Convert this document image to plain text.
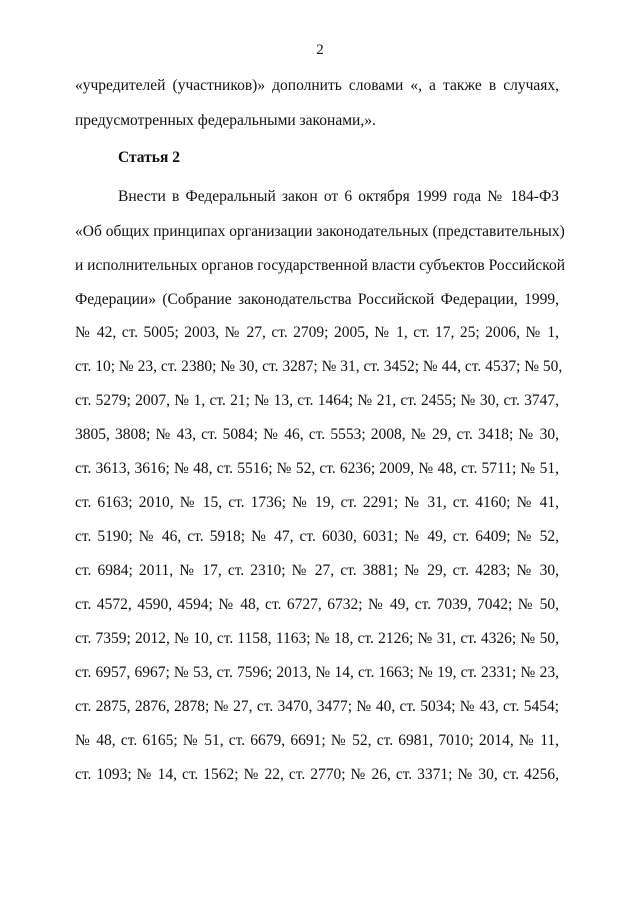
2
«учредителей (участников)» дополнить словами «, а также в случаях,
предусмотренных федеральными законами,».
Статья 2
Внести в Федеральный закон от 6 октября 1999 года № 184-ФЗ
«Об общих принципах организации законодательных (представительных)
и исполнительных органов государственной власти субъектов Российской
Федерации» (Собрание законодательства Российской Федерации, 1999,
№ 42, ст. 5005; 2003, № 27, ст. 2709; 2005, № 1, ст. 17, 25; 2006, № 1,
ст. 10; № 23, ст. 2380; № 30, ст. 3287; № 31, ст. 3452; № 44, ст. 4537; № 50,
ст. 5279; 2007, № 1, ст. 21; № 13, ст. 1464; № 21, ст. 2455; № 30, ст. 3747,
3805, 3808; № 43, ст. 5084; № 46, ст. 5553; 2008, № 29, ст. 3418; № 30,
ст. 3613, 3616; № 48, ст. 5516; № 52, ст. 6236; 2009, № 48, ст. 5711; № 51,
ст. 6163; 2010, № 15, ст. 1736; № 19, ст. 2291; № 31, ст. 4160; № 41,
ст. 5190; № 46, ст. 5918; № 47, ст. 6030, 6031; № 49, ст. 6409; № 52,
ст. 6984; 2011, № 17, ст. 2310; № 27, ст. 3881; № 29, ст. 4283; № 30,
ст. 4572, 4590, 4594; № 48, ст. 6727, 6732; № 49, ст. 7039, 7042; № 50,
ст. 7359; 2012, № 10, ст. 1158, 1163; № 18, ст. 2126; № 31, ст. 4326; № 50,
ст. 6957, 6967; № 53, ст. 7596; 2013, № 14, ст. 1663; № 19, ст. 2331; № 23,
ст. 2875, 2876, 2878; № 27, ст. 3470, 3477; № 40, ст. 5034; № 43, ст. 5454;
№ 48, ст. 6165; № 51, ст. 6679, 6691; № 52, ст. 6981, 7010; 2014, № 11,
ст. 1093; № 14, ст. 1562; № 22, ст. 2770; № 26, ст. 3371; № 30, ст. 4256,
